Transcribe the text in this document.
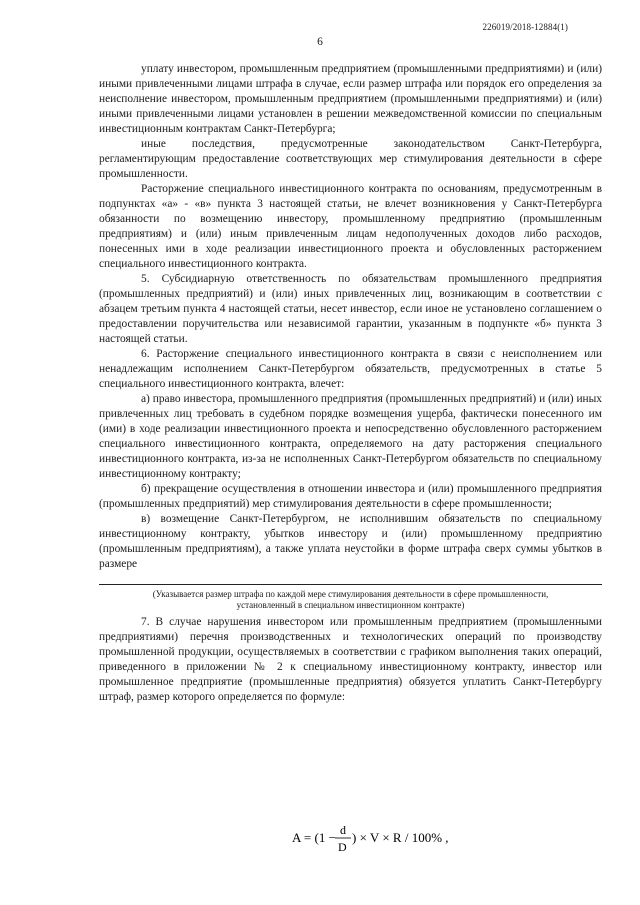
226019/2018-12884(1)
6

уплату инвестором, промышленным предприятием (промышленными предприятиями) и (или) иными привлеченными лицами штрафа в случае, если размер штрафа или порядок его определения за неисполнение инвестором, промышленным предприятием (промышленными предприятиями) и (или) иными привлеченными лицами установлен в решении межведомственной комиссии по специальным инвестиционным контрактам Санкт-Петербурга;

иные последствия, предусмотренные законодательством Санкт-Петербурга, регламентирующим предоставление соответствующих мер стимулирования деятельности в сфере промышленности.

Расторжение специального инвестиционного контракта по основаниям, предусмотренным в подпунктах «а» - «в» пункта 3 настоящей статьи, не влечет возникновения у Санкт-Петербурга обязанности по возмещению инвестору, промышленному предприятию (промышленным предприятиям) и (или) иным привлеченным лицам недополученных доходов либо расходов, понесенных ими в ходе реализации инвестиционного проекта и обусловленных расторжением специального инвестиционного контракта.

5. Субсидиарную ответственность по обязательствам промышленного предприятия (промышленных предприятий) и (или) иных привлеченных лиц, возникающим в соответствии с абзацем третьим пункта 4 настоящей статьи, несет инвестор, если иное не установлено соглашением о предоставлении поручительства или независимой гарантии, указанным в подпункте «б» пункта 3 настоящей статьи.

6. Расторжение специального инвестиционного контракта в связи с неисполнением или ненадлежащим исполнением Санкт-Петербургом обязательств, предусмотренных в статье 5 специального инвестиционного контракта, влечет:

а) право инвестора, промышленного предприятия (промышленных предприятий) и (или) иных привлеченных лиц требовать в судебном порядке возмещения ущерба, фактически понесенного им (ими) в ходе реализации инвестиционного проекта и непосредственно обусловленного расторжением специального инвестиционного контракта, определяемого на дату расторжения специального инвестиционного контракта, из-за не исполненных Санкт-Петербургом обязательств по специальному инвестиционному контракту;

б) прекращение осуществления в отношении инвестора и (или) промышленного предприятия (промышленных предприятий) мер стимулирования деятельности в сфере промышленности;

в) возмещение Санкт-Петербургом, не исполнившим обязательств по специальному инвестиционному контракту, убытков инвестору и (или) промышленному предприятию (промышленным предприятиям), а также уплата неустойки в форме штрафа сверх суммы убытков в размере

(Указывается размер штрафа по каждой мере стимулирования деятельности в сфере промышленности, установленный в специальном инвестиционном контракте)

7. В случае нарушения инвестором или промышленным предприятием (промышленными предприятиями) перечня производственных и технологических операций по производству промышленной продукции, осуществляемых в соответствии с графиком выполнения таких операций, приведенного в приложении № 2 к специальному инвестиционному контракту, инвестор или промышленное предприятие (промышленные предприятия) обязуется уплатить Санкт-Петербургу штраф, размер которого определяется по формуле:

A = (1 − d
D
) × V × R / 100% ,
